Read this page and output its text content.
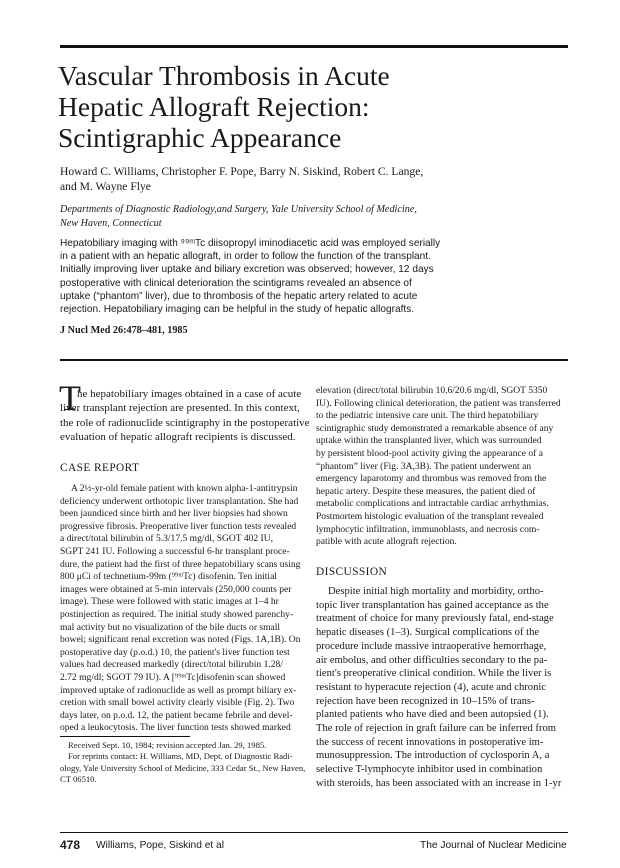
Vascular Thrombosis in Acute
Hepatic Allograft Rejection:
Scintigraphic Appearance
Howard C. Williams, Christopher F. Pope, Barry N. Siskind, Robert C. Lange,
and M. Wayne Flye
Departments of Diagnostic Radiology,and Surgery, Yale University School of Medicine,
New Haven, Connecticut
Hepatobiliary imaging with ⁹⁹ᵐTc diisopropyl iminodiacetic acid was employed serially
in a patient with an hepatic allograft, in order to follow the function of the transplant.
Initially improving liver uptake and biliary excretion was observed; however, 12 days
postoperative with clinical deterioration the scintigrams revealed an absence of
uptake (“phantom” liver), due to thrombosis of the hepatic artery related to acute
rejection. Hepatobiliary imaging can be helpful in the study of hepatic allografts.
J Nucl Med 26:478–481, 1985
T
he hepatobiliary images obtained in a case of acute
liver transplant rejection are presented. In this context,
the role of radionuclide scintigraphy in the postoperative
evaluation of hepatic allograft recipients is discussed.
CASE REPORT
A 2½-yr-old female patient with known alpha-1-antitrypsin
deficiency underwent orthotopic liver transplantation. She had
been jaundiced since birth and her liver biopsies had shown
progressive fibrosis. Preoperative liver function tests revealed
a direct/total bilirubin of 5.3/17.5 mg/dl, SGOT 402 IU,
SGPT 241 IU. Following a successful 6-hr transplant proce-
dure, the patient had the first of three hepatobiliary scans using
800 μCi of technetium-99m (⁹⁹ᵐTc) disofenin. Ten initial
images were obtained at 5-min intervals (250,000 counts per
image). These were followed with static images at 1–4 hr
postinjection as required. The initial study showed parenchy-
mal activity but no visualization of the bile ducts or small
bowel; significant renal excretion was noted (Figs. 1A,1B). On
postoperative day (p.o.d.) 10, the patient's liver function test
values had decreased markedly (direct/total bilirubin 1.28/
2.72 mg/dl; SGOT 79 IU). A [⁹⁹ᵐTc]disofenin scan showed
improved uptake of radionuclide as well as prompt biliary ex-
cretion with small bowel activity clearly visible (Fig. 2). Two
days later, on p.o.d. 12, the patient became febrile and devel-
oped a leukocytosis. The liver function tests showed marked
elevation (direct/total bilirubin 10.6/20.6 mg/dl, SGOT 5350
IU). Following clinical deterioration, the patient was transferred
to the pediatric intensive care unit. The third hepatobiliary
scintigraphic study demonstrated a remarkable absence of any
uptake within the transplanted liver, which was surrounded
by persistent blood-pool activity giving the appearance of a
“phantom” liver (Fig. 3A,3B). The patient underwent an
emergency laparotomy and thrombus was removed from the
hepatic artery. Despite these measures, the patient died of
metabolic complications and intractable cardiac arrhythmias.
Postmortem histologic evaluation of the transplant revealed
lymphocytic infiltration, immunoblasts, and necrosis com-
patible with acute allograft rejection.
DISCUSSION
Despite initial high mortality and morbidity, ortho-
topic liver transplantation has gained acceptance as the
treatment of choice for many previously fatal, end-stage
hepatic diseases (1–3). Surgical complications of the
procedure include massive intraoperative hemorrhage,
air embolus, and other difficulties secondary to the pa-
tient's preoperative clinical condition. While the liver is
resistant to hyperacute rejection (4), acute and chronic
rejection have been recognized in 10–15% of trans-
planted patients who have died and been autopsied (1).
The role of rejection in graft failure can be inferred from
the success of recent innovations in postoperative im-
munosuppression. The introduction of cyclosporin A, a
selective T-lymphocyte inhibitor used in combination
with steroids, has been associated with an increase in 1-yr
Received Sept. 10, 1984; revision accepted Jan. 29, 1985.
For reprints contact: H. Williams, MD, Dept. of Diagnostic Radi-
ology, Yale University School of Medicine, 333 Cedar St., New Haven,
CT 06510.
478 Williams, Pope, Siskind et al	The Journal of Nuclear Medicine
